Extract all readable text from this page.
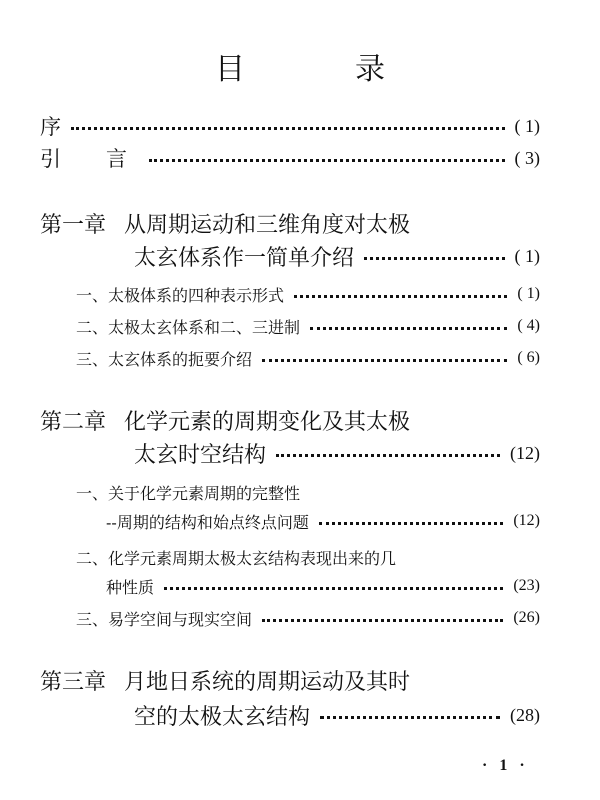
目　录
序	( 1)
引　言	( 3)
第一章 从周期运动和三维角度对太极
太玄体系作一简单介绍	( 1)
一、太极体系的四种表示形式	( 1)
二、太极太玄体系和二、三进制	( 4)
三、太玄体系的扼要介绍	( 6)
第二章 化学元素的周期变化及其太极
太玄时空结构	(12)
一、关于化学元素周期的完整性
--周期的结构和始点终点问题	(12)
二、化学元素周期太极太玄结构表现出来的几
种性质	(23)
三、易学空间与现实空间	(26)
第三章 月地日系统的周期运动及其时
空的太极太玄结构	(28)
· 1 ·
